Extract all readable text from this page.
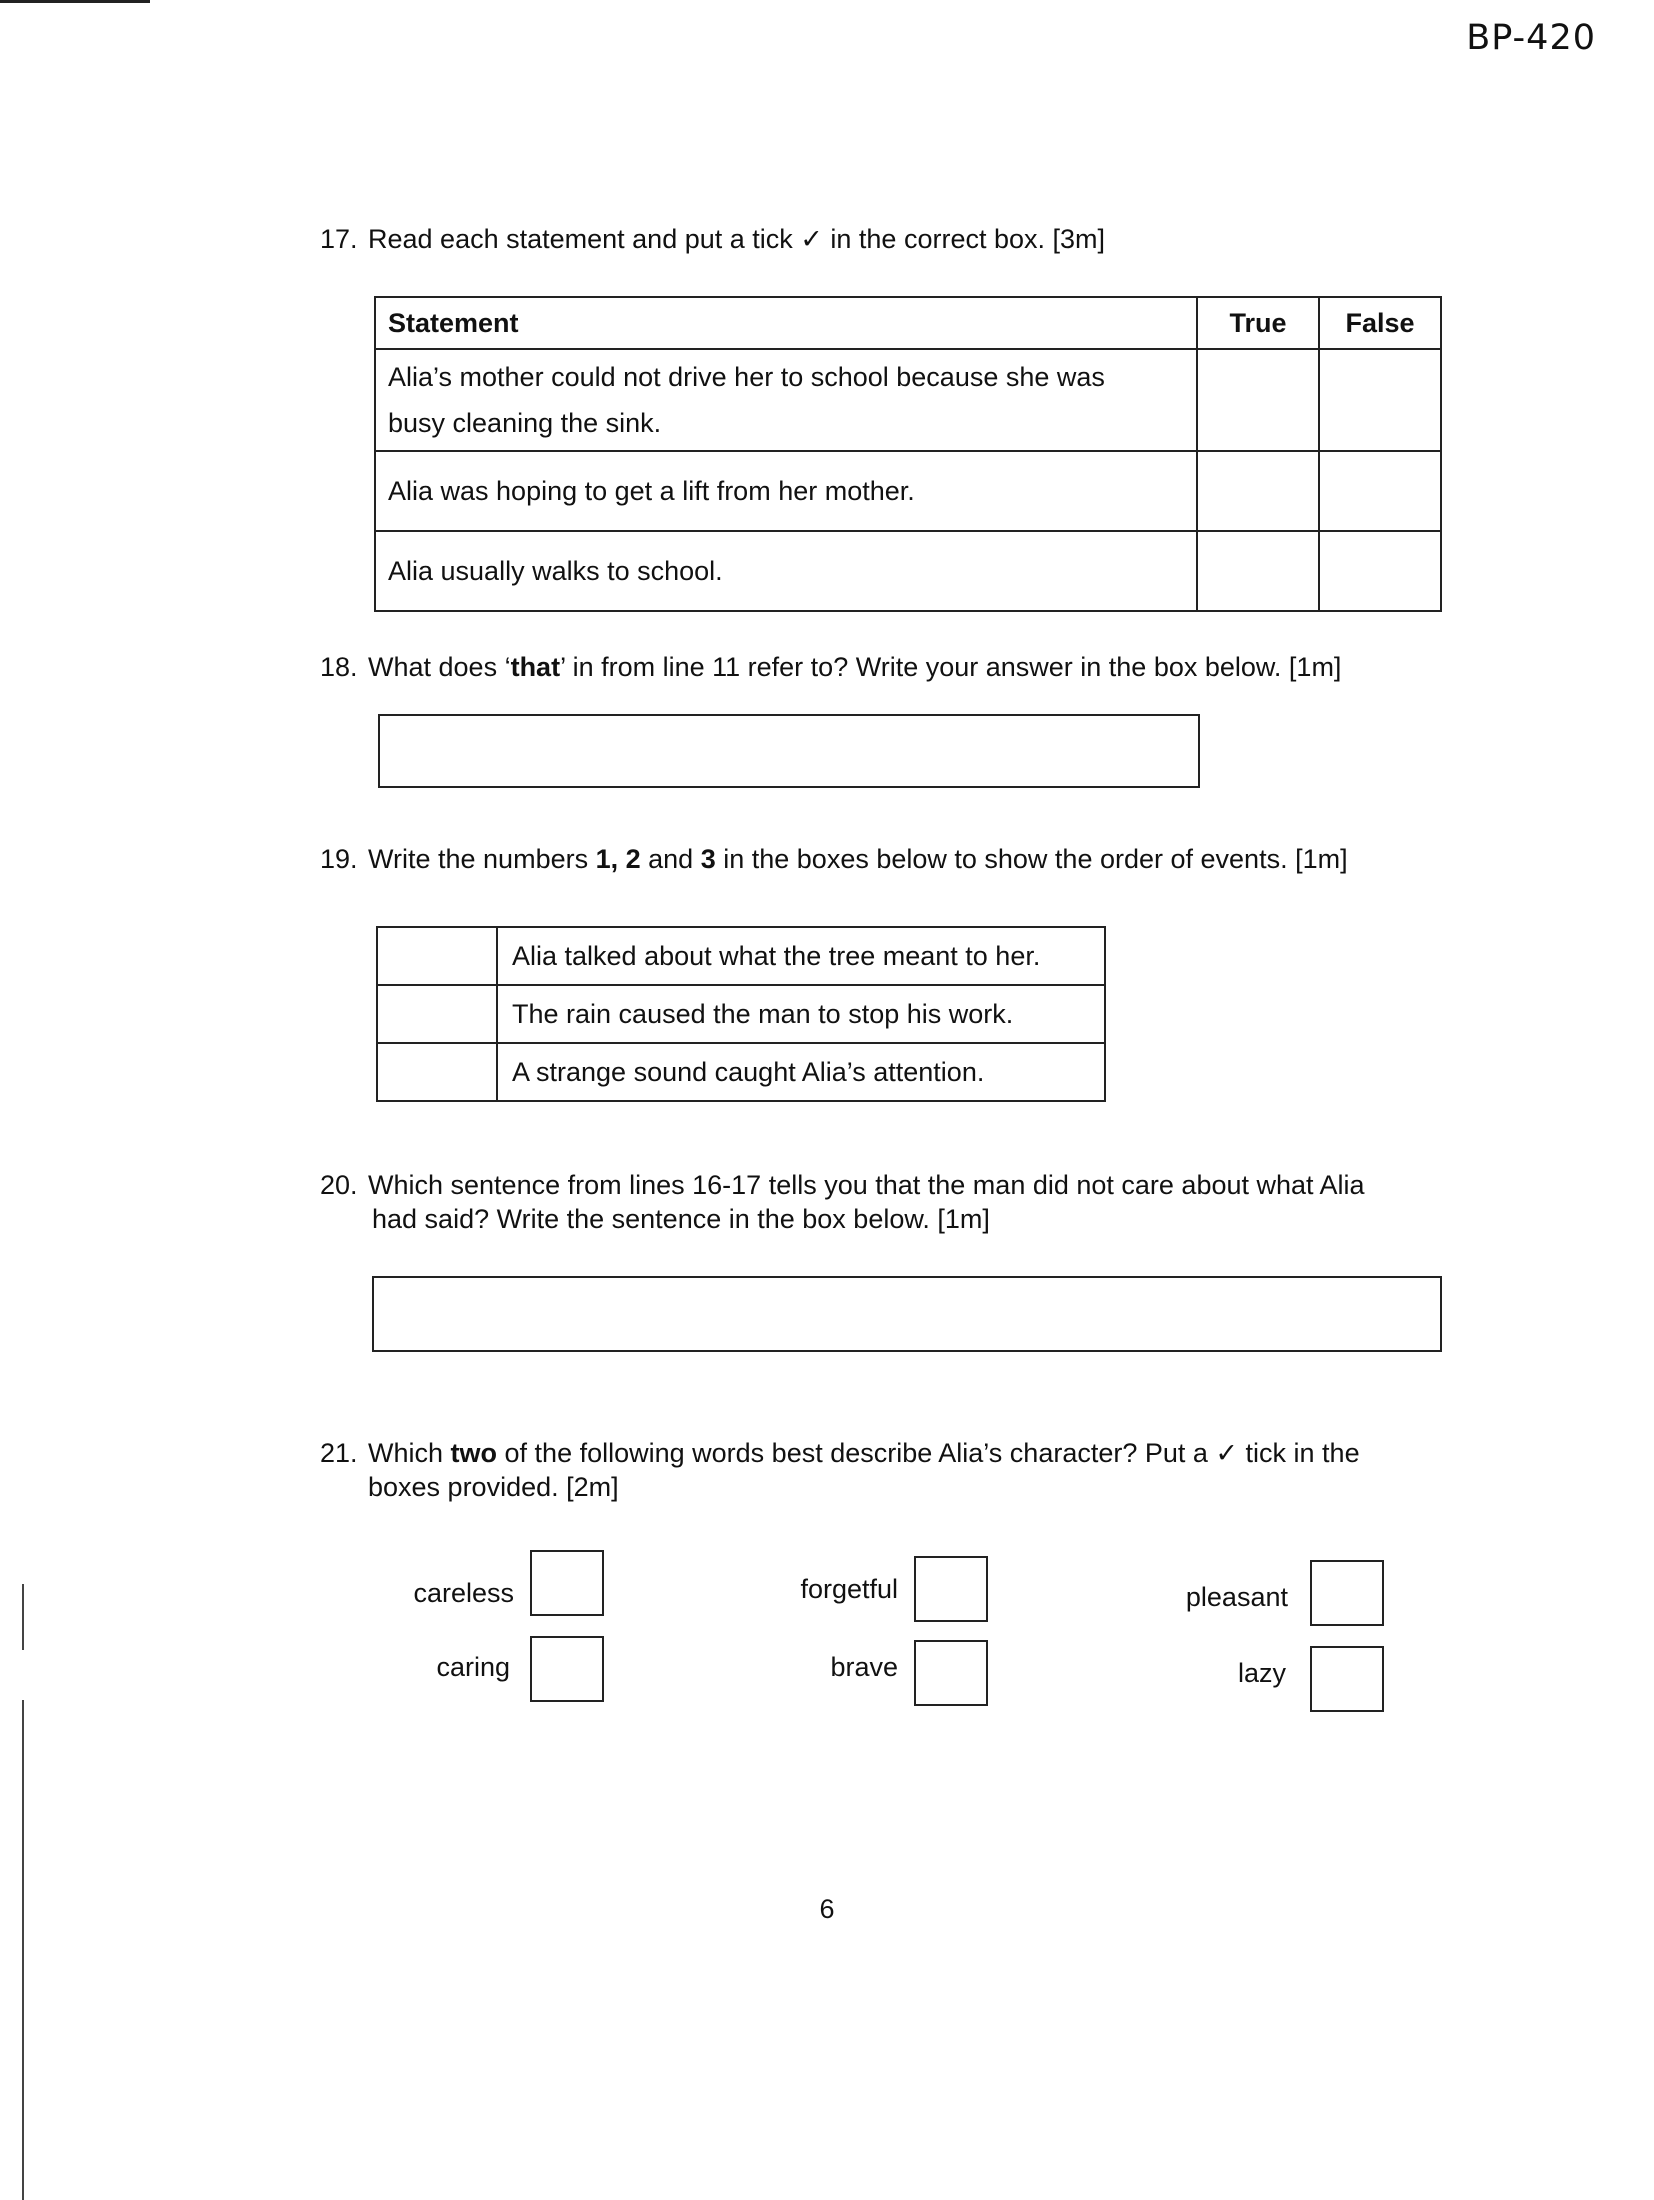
BP-420
17. Read each statement and put a tick ✓ in the correct box. [3m]
Statement	True	False
Alia’s mother could not drive her to school because she was
busy cleaning the sink.		
Alia was hoping to get a lift from her mother.		
Alia usually walks to school.		
18. What does ‘that’ in from line 11 refer to? Write your answer in the box below. [1m]
19. Write the numbers 1, 2 and 3 in the boxes below to show the order of events. [1m]
	Alia talked about what the tree meant to her.
	The rain caused the man to stop his work.
	A strange sound caught Alia’s attention.
20. Which sentence from lines 16-17 tells you that the man did not care about what Alia
had said? Write the sentence in the box below. [1m]
21. Which two of the following words best describe Alia’s character? Put a ✓ tick in the
boxes provided. [2m]
careless
caring
forgetful
brave
pleasant
lazy
6
